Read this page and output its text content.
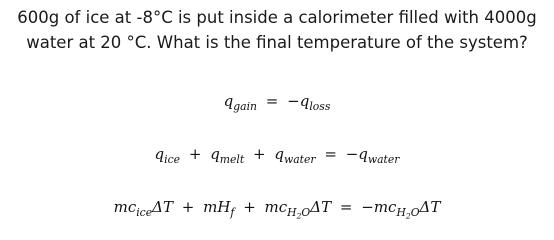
600g of ice at -8°C is put inside a calorimeter filled with 4000g water at 20 °C. What is the final temperature of the system?
$q_{gain} = -q_{loss}$
$q_{ice} + q_{melt} + q_{water} = -q_{water}$
$mc_{ice}\Delta T + mH_f + mc_{H_2O}\Delta T = -mc_{H_2O}\Delta T$
